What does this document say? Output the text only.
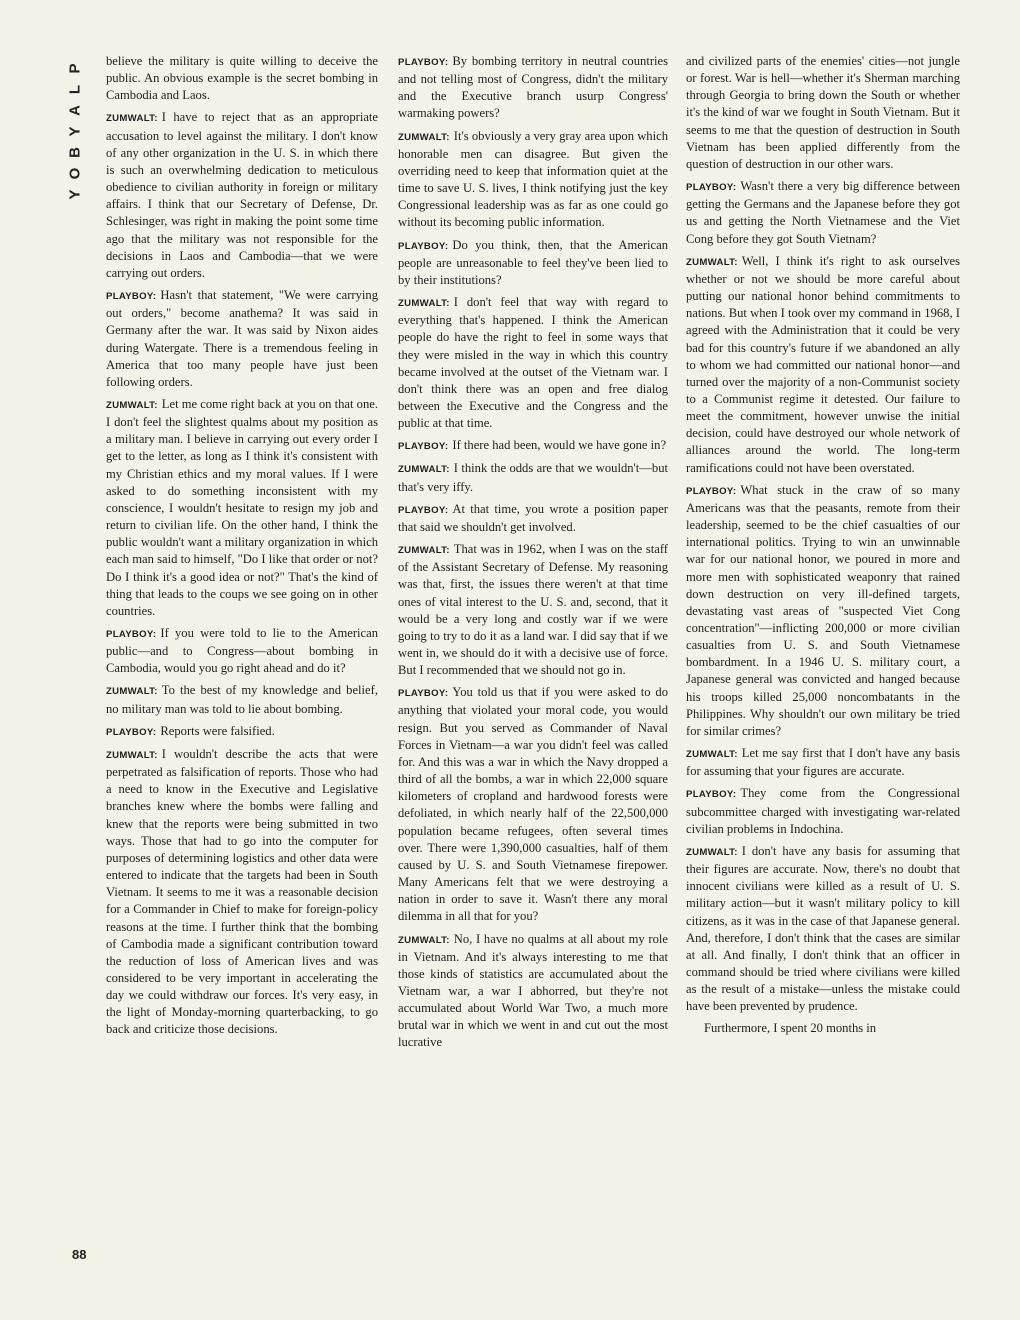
P
L
A
Y
B
O
Y
88

believe the military is quite willing to deceive the public. An obvious example is the secret bombing in Cambodia and Laos.

ZUMWALT: I have to reject that as an appropriate accusation to level against the military. I don't know of any other organization in the U. S. in which there is such an overwhelming dedication to meticulous obedience to civilian authority in foreign or military affairs. I think that our Secretary of Defense, Dr. Schlesinger, was right in making the point some time ago that the military was not responsible for the decisions in Laos and Cambodia—that we were carrying out orders.

PLAYBOY: Hasn't that statement, "We were carrying out orders," become anathema? It was said in Germany after the war. It was said by Nixon aides during Watergate. There is a tremendous feeling in America that too many people have just been following orders.

ZUMWALT: Let me come right back at you on that one. I don't feel the slightest qualms about my position as a military man. I believe in carrying out every order I get to the letter, as long as I think it's consistent with my Christian ethics and my moral values. If I were asked to do something inconsistent with my conscience, I wouldn't hesitate to resign my job and return to civilian life. On the other hand, I think the public wouldn't want a military organization in which each man said to himself, "Do I like that order or not? Do I think it's a good idea or not?" That's the kind of thing that leads to the coups we see going on in other countries.

PLAYBOY: If you were told to lie to the American public—and to Congress—about bombing in Cambodia, would you go right ahead and do it?

ZUMWALT: To the best of my knowledge and belief, no military man was told to lie about bombing.

PLAYBOY: Reports were falsified.

ZUMWALT: I wouldn't describe the acts that were perpetrated as falsification of reports. Those who had a need to know in the Executive and Legislative branches knew where the bombs were falling and knew that the reports were being submitted in two ways. Those that had to go into the computer for purposes of determining logistics and other data were entered to indicate that the targets had been in South Vietnam. It seems to me it was a reasonable decision for a Commander in Chief to make for foreign-policy reasons at the time. I further think that the bombing of Cambodia made a significant contribution toward the reduction of loss of American lives and was considered to be very important in accelerating the day we could withdraw our forces. It's very easy, in the light of Monday-morning quarterbacking, to go back and criticize those decisions.

PLAYBOY: By bombing territory in neutral countries and not telling most of Congress, didn't the military and the Executive branch usurp Congress' warmaking powers?

ZUMWALT: It's obviously a very gray area upon which honorable men can disagree. But given the overriding need to keep that information quiet at the time to save U. S. lives, I think notifying just the key Congressional leadership was as far as one could go without its becoming public information.

PLAYBOY: Do you think, then, that the American people are unreasonable to feel they've been lied to by their institutions?

ZUMWALT: I don't feel that way with regard to everything that's happened. I think the American people do have the right to feel in some ways that they were misled in the way in which this country became involved at the outset of the Vietnam war. I don't think there was an open and free dialog between the Executive and the Congress and the public at that time.

PLAYBOY: If there had been, would we have gone in?

ZUMWALT: I think the odds are that we wouldn't—but that's very iffy.

PLAYBOY: At that time, you wrote a position paper that said we shouldn't get involved.

ZUMWALT: That was in 1962, when I was on the staff of the Assistant Secretary of Defense. My reasoning was that, first, the issues there weren't at that time ones of vital interest to the U. S. and, second, that it would be a very long and costly war if we were going to try to do it as a land war. I did say that if we went in, we should do it with a decisive use of force. But I recommended that we should not go in.

PLAYBOY: You told us that if you were asked to do anything that violated your moral code, you would resign. But you served as Commander of Naval Forces in Vietnam—a war you didn't feel was called for. And this was a war in which the Navy dropped a third of all the bombs, a war in which 22,000 square kilometers of cropland and hardwood forests were defoliated, in which nearly half of the 22,500,000 population became refugees, often several times over. There were 1,390,000 casualties, half of them caused by U. S. and South Vietnamese firepower. Many Americans felt that we were destroying a nation in order to save it. Wasn't there any moral dilemma in all that for you?

ZUMWALT: No, I have no qualms at all about my role in Vietnam. And it's always interesting to me that those kinds of statistics are accumulated about the Vietnam war, a war I abhorred, but they're not accumulated about World War Two, a much more brutal war in which we went in and cut out the most lucrative

and civilized parts of the enemies' cities—not jungle or forest. War is hell—whether it's Sherman marching through Georgia to bring down the South or whether it's the kind of war we fought in South Vietnam. But it seems to me that the question of destruction in South Vietnam has been applied differently from the question of destruction in our other wars.

PLAYBOY: Wasn't there a very big difference between getting the Germans and the Japanese before they got us and getting the North Vietnamese and the Viet Cong before they got South Vietnam?

ZUMWALT: Well, I think it's right to ask ourselves whether or not we should be more careful about putting our national honor behind commitments to nations. But when I took over my command in 1968, I agreed with the Administration that it could be very bad for this country's future if we abandoned an ally to whom we had committed our national honor—and turned over the majority of a non-Communist society to a Communist regime it detested. Our failure to meet the commitment, however unwise the initial decision, could have destroyed our whole network of alliances around the world. The long-term ramifications could not have been overstated.

PLAYBOY: What stuck in the craw of so many Americans was that the peasants, remote from their leadership, seemed to be the chief casualties of our international politics. Trying to win an unwinnable war for our national honor, we poured in more and more men with sophisticated weaponry that rained down destruction on very ill-defined targets, devastating vast areas of "suspected Viet Cong concentration"—inflicting 200,000 or more civilian casualties from U. S. and South Vietnamese bombardment. In a 1946 U. S. military court, a Japanese general was convicted and hanged because his troops killed 25,000 noncombatants in the Philippines. Why shouldn't our own military be tried for similar crimes?

ZUMWALT: Let me say first that I don't have any basis for assuming that your figures are accurate.

PLAYBOY: They come from the Congressional subcommittee charged with investigating war-related civilian problems in Indochina.

ZUMWALT: I don't have any basis for assuming that their figures are accurate. Now, there's no doubt that innocent civilians were killed as a result of U. S. military action—but it wasn't military policy to kill citizens, as it was in the case of that Japanese general. And, therefore, I don't think that the cases are similar at all. And finally, I don't think that an officer in command should be tried where civilians were killed as the result of a mistake—unless the mistake could have been prevented by prudence.

Furthermore, I spent 20 months in
